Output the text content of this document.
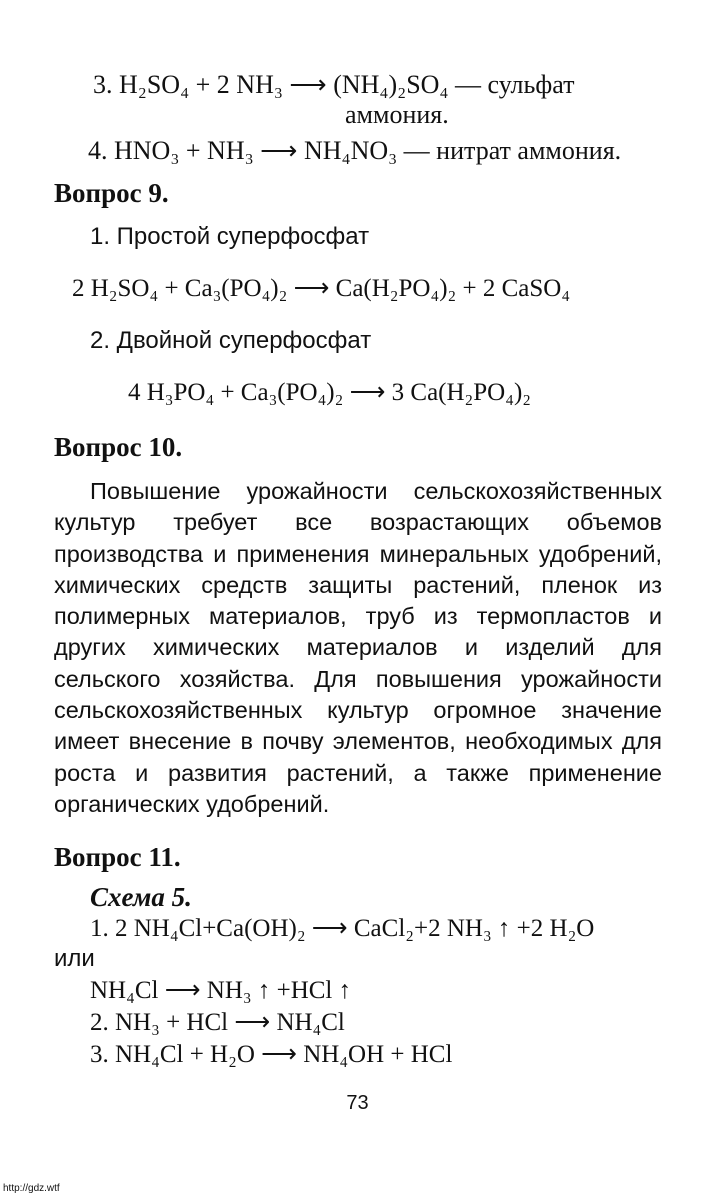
3. H₂SO₄ + 2 NH₃ ⟶ (NH₄)₂SO₄ — сульфат
аммония.
4. HNO₃ + NH₃ ⟶ NH₄NO₃ — нитрат аммония.
Вопрос 9.
1. Простой суперфосфат
2 H₂SO₄ + Ca₃(PO₄)₂ ⟶ Ca(H₂PO₄)₂ + 2 CaSO₄
2. Двойной суперфосфат
4 H₃PO₄ + Ca₃(PO₄)₂ ⟶ 3 Ca(H₂PO₄)₂
Вопрос 10.
Повышение урожайности сельскохозяйственных культур требует все возрастающих объемов производства и применения минеральных удобрений, химических средств защиты растений, пленок из полимерных материалов, труб из термопластов и других химических материалов и изделий для сельского хозяйства. Для повышения урожайности сельскохозяйственных культур огромное значение имеет внесение в почву элементов, необходимых для роста и развития растений, а также применение органических удобрений.
Вопрос 11.
Схема 5.
1. 2 NH₄Cl+Ca(OH)₂ ⟶ CaCl₂+2 NH₃ ↑ +2 H₂O
или
NH₄Cl ⟶ NH₃ ↑ +HCl ↑
2. NH₃ + HCl ⟶ NH₄Cl
3. NH₄Cl + H₂O ⟶ NH₄OH + HCl
73
http://gdz.wtf
